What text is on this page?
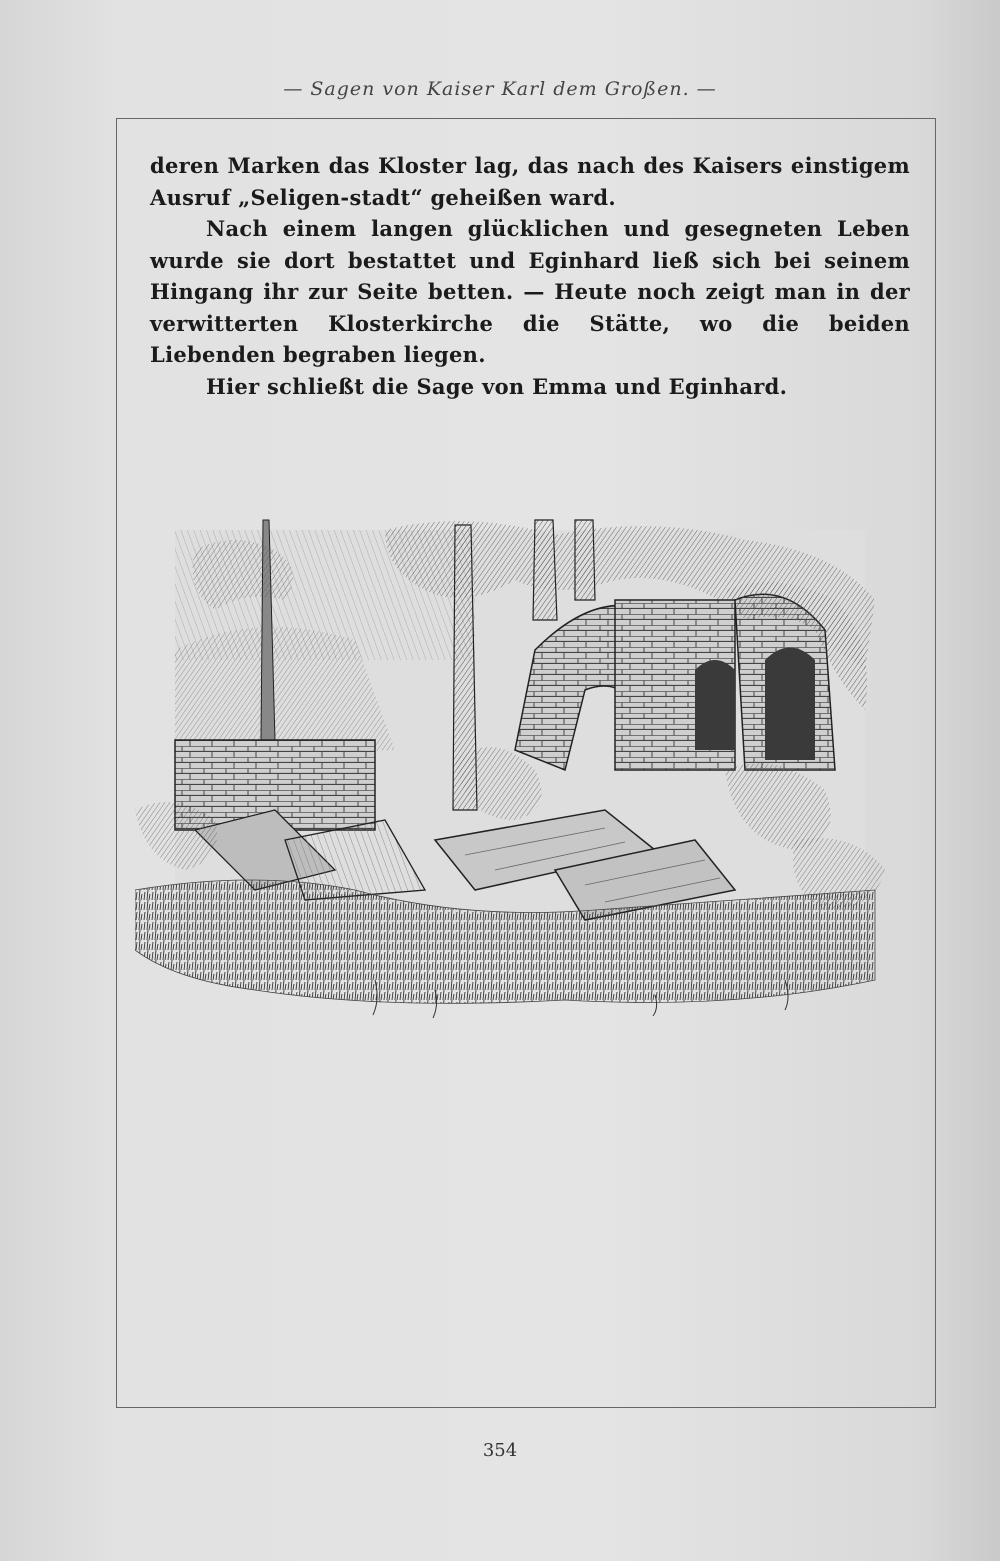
— Sagen von Kaiser Karl dem Großen. —

deren Marken das Kloster lag, das nach des Kaisers einstigem Ausruf „Seligen-stadt“ geheißen ward.

Nach einem langen glücklichen und gesegneten Leben wurde sie dort bestattet und Eginhard ließ sich bei seinem Hingang ihr zur Seite betten. — Heute noch zeigt man in der verwitterten Klosterkirche die Stätte, wo die beiden Liebenden begraben liegen.

Hier schließt die Sage von Emma und Eginhard.

354
